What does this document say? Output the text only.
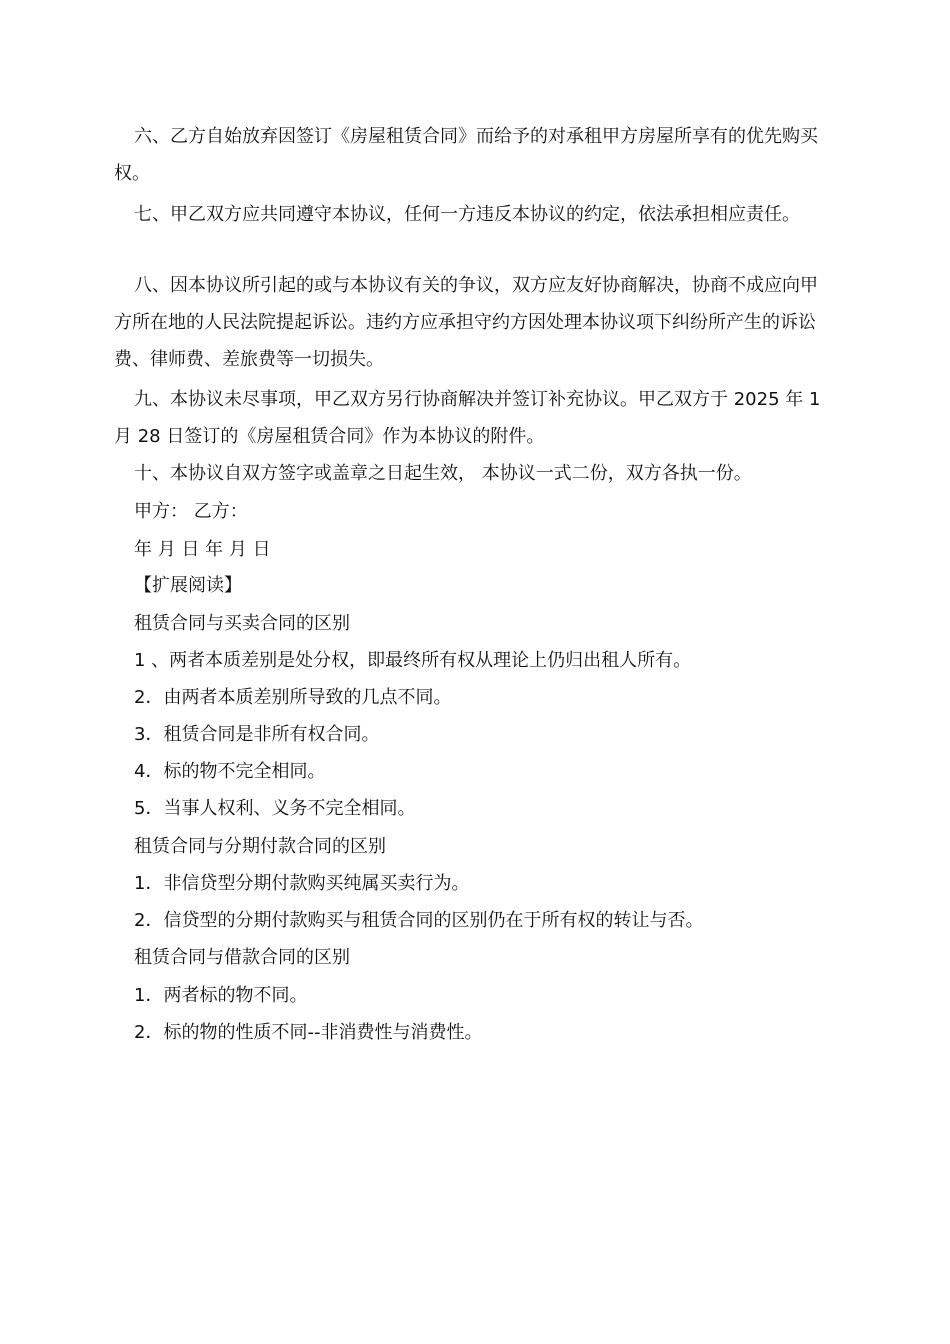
六、乙方自始放弃因签订《房屋租赁合同》而给予的对承租甲方房屋所享有的优先购买权。
七、甲乙双方应共同遵守本协议，任何一方违反本协议的约定，依法承担相应责任。
八、因本协议所引起的或与本协议有关的争议，双方应友好协商解决，协商不成应向甲方所在地的人民法院提起诉讼。违约方应承担守约方因处理本协议项下纠纷所产生的诉讼费、律师费、差旅费等一切损失。
九、本协议未尽事项，甲乙双方另行协商解决并签订补充协议。甲乙双方于 2025 年 1 月 28 日签订的《房屋租赁合同》作为本协议的附件。
十、本协议自双方签字或盖章之日起生效， 本协议一式二份，双方各执一份。
甲方： 乙方：
年 月 日 年 月 日
【扩展阅读】
租赁合同与买卖合同的区别
1 、两者本质差别是处分权，即最终所有权从理论上仍归出租人所有。
2．由两者本质差别所导致的几点不同。
3．租赁合同是非所有权合同。
4．标的物不完全相同。
5．当事人权利、义务不完全相同。
租赁合同与分期付款合同的区别
1．非信贷型分期付款购买纯属买卖行为。
2．信贷型的分期付款购买与租赁合同的区别仍在于所有权的转让与否。
租赁合同与借款合同的区别
1．两者标的物不同。
2．标的物的性质不同--非消费性与消费性。
